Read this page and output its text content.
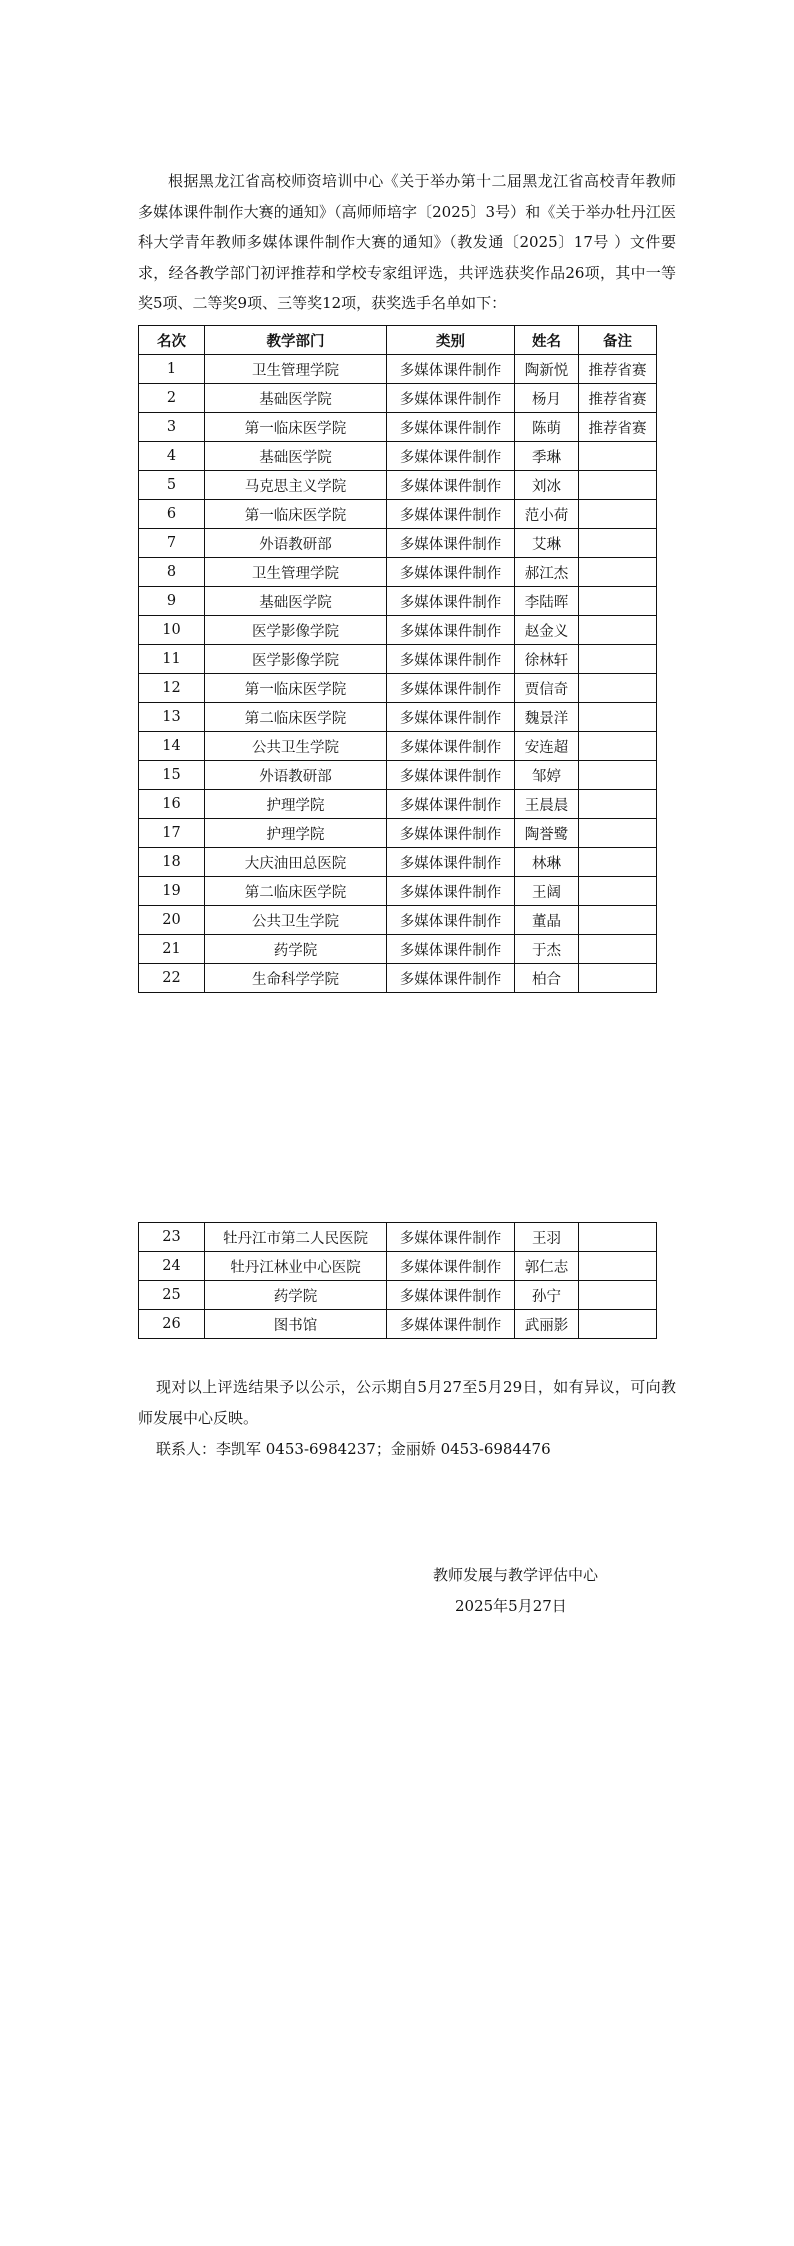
根据黑龙江省高校师资培训中心《关于举办第十二届黑龙江省高校青年教师多媒体课件制作大赛的通知》（高师师培字〔2025〕3号）和《关于举办牡丹江医科大学青年教师多媒体课件制作大赛的通知》（教发通〔2025〕17号 ）文件要求，经各教学部门初评推荐和学校专家组评选，共评选获奖作品26项，其中一等奖5项、二等奖9项、三等奖12项，获奖选手名单如下：

名次	教学部门	类别	姓名	备注
1	卫生管理学院	多媒体课件制作	陶新悦	推荐省赛
2	基础医学院	多媒体课件制作	杨月	推荐省赛
3	第一临床医学院	多媒体课件制作	陈萌	推荐省赛
4	基础医学院	多媒体课件制作	季琳	
5	马克思主义学院	多媒体课件制作	刘冰	
6	第一临床医学院	多媒体课件制作	范小荷	
7	外语教研部	多媒体课件制作	艾琳	
8	卫生管理学院	多媒体课件制作	郝江杰	
9	基础医学院	多媒体课件制作	李陆晖	
10	医学影像学院	多媒体课件制作	赵金义	
11	医学影像学院	多媒体课件制作	徐林轩	
12	第一临床医学院	多媒体课件制作	贾信奇	
13	第二临床医学院	多媒体课件制作	魏景洋	
14	公共卫生学院	多媒体课件制作	安连超	
15	外语教研部	多媒体课件制作	邹婷	
16	护理学院	多媒体课件制作	王晨晨	
17	护理学院	多媒体课件制作	陶誉鹭	
18	大庆油田总医院	多媒体课件制作	林琳	
19	第二临床医学院	多媒体课件制作	王阔	
20	公共卫生学院	多媒体课件制作	董晶	
21	药学院	多媒体课件制作	于杰	
22	生命科学学院	多媒体课件制作	柏合	
23	牡丹江市第二人民医院	多媒体课件制作	王羽	
24	牡丹江林业中心医院	多媒体课件制作	郭仁志	
25	药学院	多媒体课件制作	孙宁	
26	图书馆	多媒体课件制作	武丽影	

现对以上评选结果予以公示，公示期自5月27至5月29日，如有异议，可向教师发展中心反映。

联系人：李凯军 0453-6984237；金丽娇 0453-6984476

教师发展与教学评估中心

2025年5月27日
